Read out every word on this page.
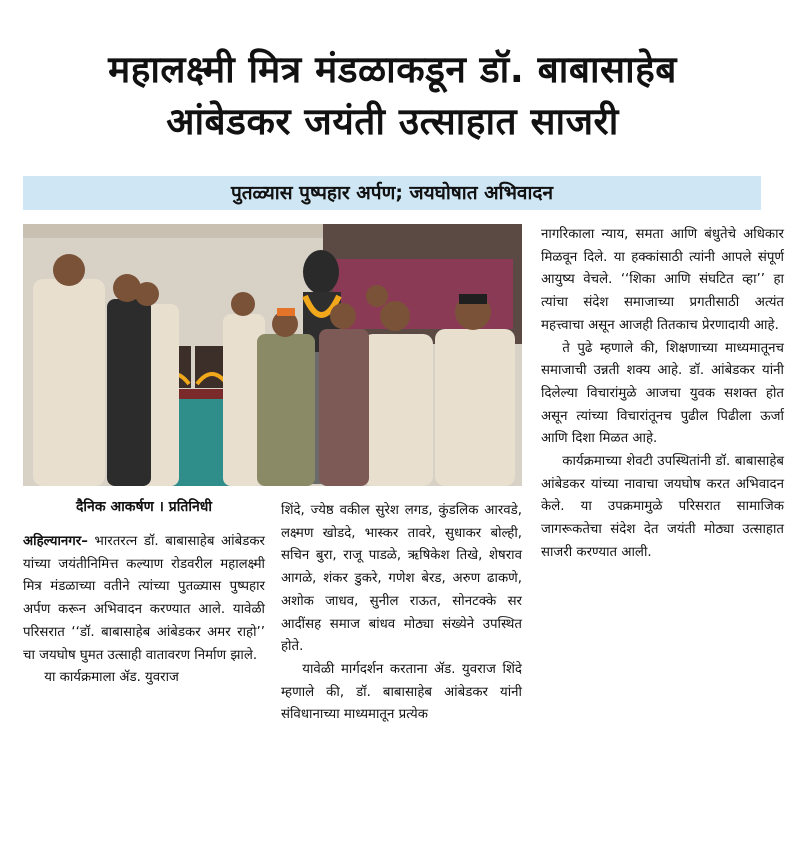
महालक्ष्मी मित्र मंडळाकडून डॉ. बाबासाहेब
आंबेडकर जयंती उत्साहात साजरी
पुतळ्यास पुष्पहार अर्पण; जयघोषात अभिवादन
दैनिक आकर्षण । प्रतिनिधी

अहिल्यानगर– भारतरत्न डॉ. बाबासाहेब आंबेडकर यांच्या जयंतीनिमित्त कल्याण रोडवरील महालक्ष्मी मित्र मंडळाच्या वतीने त्यांच्या पुतळ्यास पुष्पहार अर्पण करून अभिवादन करण्यात आले. यावेळी परिसरात ‘‘डॉ. बाबासाहेब आंबेडकर अमर राहो’’ चा जयघोष घुमत उत्साही वातावरण निर्माण झाले.

या कार्यक्रमाला ॲड. युवराज

शिंदे, ज्येष्ठ वकील सुरेश लगड, कुंडलिक आरवडे, लक्ष्मण खोडदे, भास्कर तावरे, सुधाकर बोल्ही, सचिन बुरा, राजू पाडळे, ऋषिकेश तिखे, शेषराव आगळे, शंकर डुकरे, गणेश बेरड, अरुण ढाकणे, अशोक जाधव, सुनील राऊत, सोनटक्के सर आदींसह समाज बांधव मोठ्या संख्येने उपस्थित होते.

यावेळी मार्गदर्शन करताना ॲड. युवराज शिंदे म्हणाले की, डॉ. बाबासाहेब आंबेडकर यांनी संविधानाच्या माध्यमातून प्रत्येक

नागरिकाला न्याय, समता आणि बंधुतेचे अधिकार मिळवून दिले. या हक्कांसाठी त्यांनी आपले संपूर्ण आयुष्य वेचले. ‘‘शिका आणि संघटित व्हा’’ हा त्यांचा संदेश समाजाच्या प्रगतीसाठी अत्यंत महत्त्वाचा असून आजही तितकाच प्रेरणादायी आहे.

ते पुढे म्हणाले की, शिक्षणाच्या माध्यमातूनच समाजाची उन्नती शक्य आहे. डॉ. आंबेडकर यांनी दिलेल्या विचारांमुळे आजचा युवक सशक्त होत असून त्यांच्या विचारांतूनच पुढील पिढीला ऊर्जा आणि दिशा मिळत आहे.

कार्यक्रमाच्या शेवटी उपस्थितांनी डॉ. बाबासाहेब आंबेडकर यांच्या नावाचा जयघोष करत अभिवादन केले. या उपक्रमामुळे परिसरात सामाजिक जागरूकतेचा संदेश देत जयंती मोठ्या उत्साहात साजरी करण्यात आली.
